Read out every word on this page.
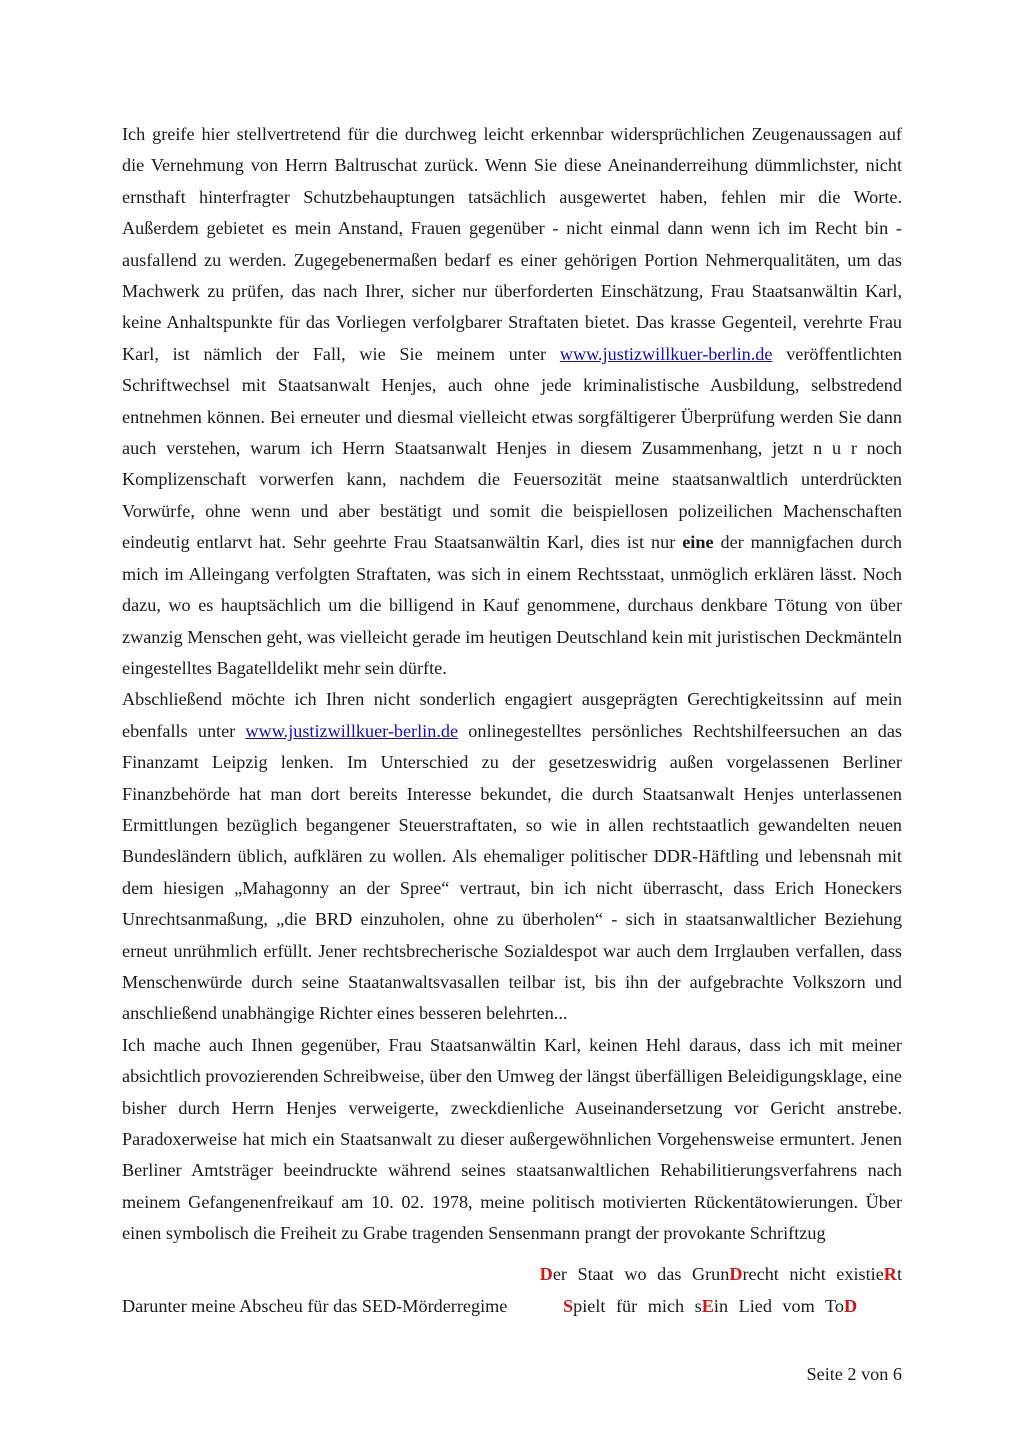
Ich greife hier stellvertretend für die durchweg leicht erkennbar widersprüchlichen Zeugenaussagen auf die Vernehmung von Herrn Baltruschat zurück. Wenn Sie diese Aneinanderreihung dümmlichster, nicht ernsthaft hinterfragter Schutzbehauptungen tatsächlich ausgewertet haben, fehlen mir die Worte. Außerdem gebietet es mein Anstand, Frauen gegenüber - nicht einmal dann wenn ich im Recht bin - ausfallend zu werden. Zugegebenermaßen bedarf es einer gehörigen Portion Nehmerqualitäten, um das Machwerk zu prüfen, das nach Ihrer, sicher nur überforderten Einschätzung, Frau Staatsanwältin Karl, keine Anhaltspunkte für das Vorliegen verfolgbarer Straftaten bietet. Das krasse Gegenteil, verehrte Frau Karl, ist nämlich der Fall, wie Sie meinem unter www.justizwillkuer-berlin.de veröffentlichten Schriftwechsel mit Staatsanwalt Henjes, auch ohne jede kriminalistische Ausbildung, selbstredend entnehmen können. Bei erneuter und diesmal vielleicht etwas sorgfältigerer Überprüfung werden Sie dann auch verstehen, warum ich Herrn Staatsanwalt Henjes in diesem Zusammenhang, jetzt n u r noch Komplizenschaft vorwerfen kann, nachdem die Feuersozität meine staatsanwaltlich unterdrückten Vorwürfe, ohne wenn und aber bestätigt und somit die beispiellosen polizeilichen Machenschaften eindeutig entlarvt hat. Sehr geehrte Frau Staatsanwältin Karl, dies ist nur eine der mannigfachen durch mich im Alleingang verfolgten Straftaten, was sich in einem Rechtsstaat, unmöglich erklären lässt. Noch dazu, wo es hauptsächlich um die billigend in Kauf genommene, durchaus denkbare Tötung von über zwanzig Menschen geht, was vielleicht gerade im heutigen Deutschland kein mit juristischen Deckmänteln eingestelltes Bagatelldelikt mehr sein dürfte.

Abschließend möchte ich Ihren nicht sonderlich engagiert ausgeprägten Gerechtigkeitssinn auf mein ebenfalls unter www.justizwillkuer-berlin.de onlinegestelltes persönliches Rechtshilfeersuchen an das Finanzamt Leipzig lenken. Im Unterschied zu der gesetzeswidrig außen vorgelassenen Berliner Finanzbehörde hat man dort bereits Interesse bekundet, die durch Staatsanwalt Henjes unterlassenen Ermittlungen bezüglich begangener Steuerstraftaten, so wie in allen rechtstaatlich gewandelten neuen Bundesländern üblich, aufklären zu wollen. Als ehemaliger politischer DDR-Häftling und lebensnah mit dem hiesigen „Mahagonny an der Spree“ vertraut, bin ich nicht überrascht, dass Erich Honeckers Unrechtsanmaßung, „die BRD einzuholen, ohne zu überholen“ - sich in staatsanwaltlicher Beziehung erneut unrühmlich erfüllt. Jener rechtsbrecherische Sozialdespot war auch dem Irrglauben verfallen, dass Menschenwürde durch seine Staatanwaltsvasallen teilbar ist, bis ihn der aufgebrachte Volkszorn und anschließend unabhängige Richter eines besseren belehrten...

Ich mache auch Ihnen gegenüber, Frau Staatsanwältin Karl, keinen Hehl daraus, dass ich mit meiner absichtlich provozierenden Schreibweise, über den Umweg der längst überfälligen Beleidigungsklage, eine bisher durch Herrn Henjes verweigerte, zweckdienliche Auseinandersetzung vor Gericht anstrebe. Paradoxerweise hat mich ein Staatsanwalt zu dieser außergewöhnlichen Vorgehensweise ermuntert. Jenen Berliner Amtsträger beeindruckte während seines staatsanwaltlichen Rehabilitierungsverfahrens nach meinem Gefangenenfreikauf am 10. 02. 1978, meine politisch motivierten Rückentätowierungen. Über einen symbolisch die Freiheit zu Grabe tragenden Sensenmann prangt der provokante Schriftzug

Der Staat wo das GrunDrecht nicht existieRt
Darunter meine Abscheu für das SED-Mörderregime	Spielt für mich sEin Lied vom ToD
Seite 2 von 6
